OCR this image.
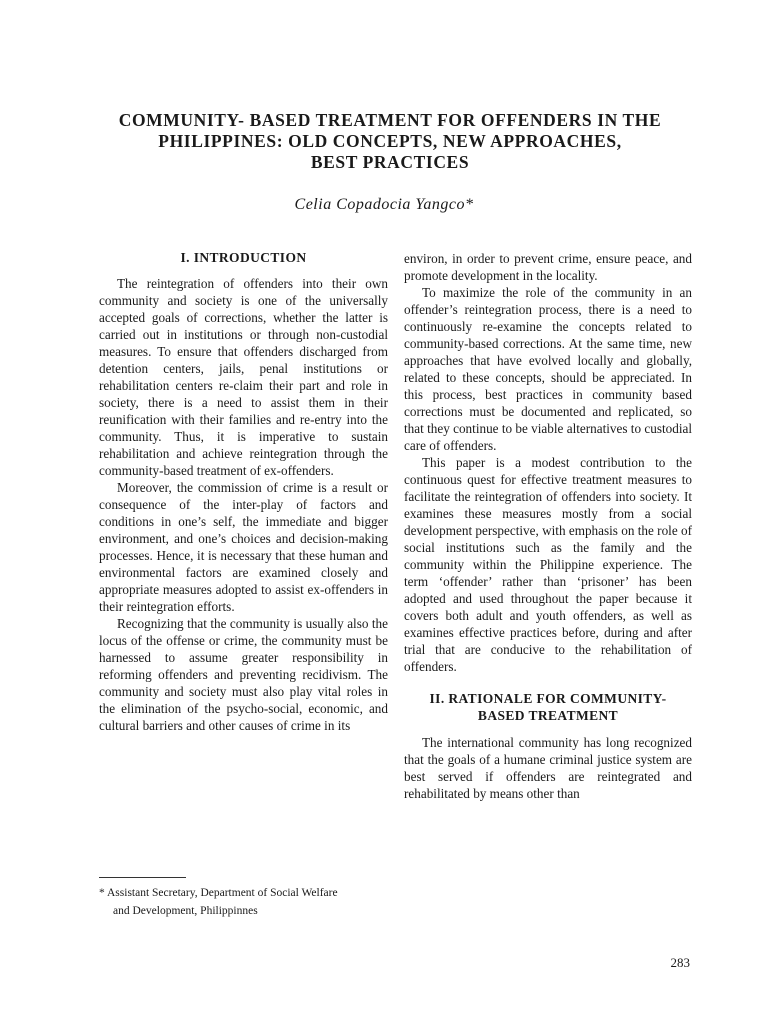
COMMUNITY- BASED TREATMENT FOR OFFENDERS IN THE
PHILIPPINES: OLD CONCEPTS, NEW APPROACHES,
BEST PRACTICES
Celia Copadocia Yangco*
I. INTRODUCTION

The reintegration of offenders into their own community and society is one of the universally accepted goals of corrections, whether the latter is carried out in institutions or through non-custodial measures. To ensure that offenders discharged from detention centers, jails, penal institutions or rehabilitation centers re-claim their part and role in society, there is a need to assist them in their reunification with their families and re-entry into the community. Thus, it is imperative to sustain rehabilitation and achieve reintegration through the community-based treatment of ex-offenders.

Moreover, the commission of crime is a result or consequence of the inter-play of factors and conditions in one’s self, the immediate and bigger environment, and one’s choices and decision-making processes. Hence, it is necessary that these human and environmental factors are examined closely and appropriate measures adopted to assist ex-offenders in their reintegration efforts.

Recognizing that the community is usually also the locus of the offense or crime, the community must be harnessed to assume greater responsibility in reforming offenders and preventing recidivism. The community and society must also play vital roles in the elimination of the psycho-social, economic, and cultural barriers and other causes of crime in its

environ, in order to prevent crime, ensure peace, and promote development in the locality.

To maximize the role of the community in an offender’s reintegration process, there is a need to continuously re-examine the concepts related to community-based corrections. At the same time, new approaches that have evolved locally and globally, related to these concepts, should be appreciated. In this process, best practices in community based corrections must be documented and replicated, so that they continue to be viable alternatives to custodial care of offenders.

This paper is a modest contribution to the continuous quest for effective treatment measures to facilitate the reintegration of offenders into society. It examines these measures mostly from a social development perspective, with emphasis on the role of social institutions such as the family and the community within the Philippine experience. The term ‘offender’ rather than ‘prisoner’ has been adopted and used throughout the paper because it covers both adult and youth offenders, as well as examines effective practices before, during and after trial that are conducive to the rehabilitation of offenders.

II. RATIONALE FOR COMMUNITY-
BASED TREATMENT

The international community has long recognized that the goals of a humane criminal justice system are best served if offenders are reintegrated and rehabilitated by means other than

* Assistant Secretary, Department of Social Welfare
and Development, Philippinnes
283
